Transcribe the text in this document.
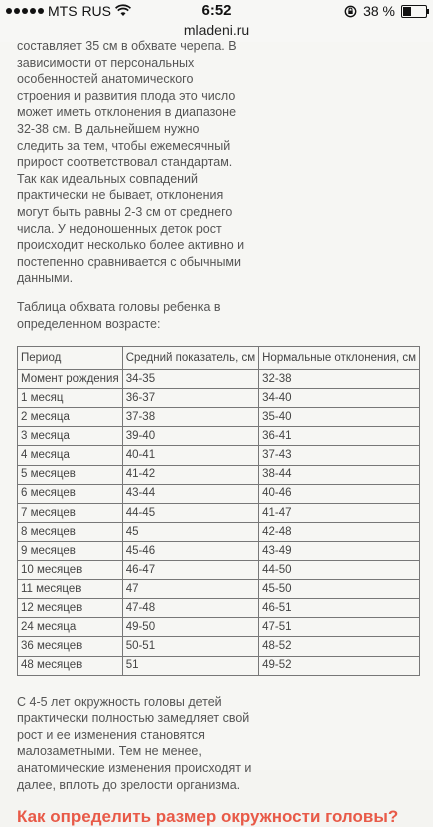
MTS RUS	6:52	38 %
mladeni.ru

составляет 35 см в обхвате черепа. В зависимости от персональных особенностей анатомического строения и развития плода это число может иметь отклонения в диапазоне 32-38 см. В дальнейшем нужно следить за тем, чтобы ежемесячный прирост соответствовал стандартам. Так как идеальных совпадений практически не бывает, отклонения могут быть равны 2-3 см от среднего числа. У недоношенных деток рост происходит несколько более активно и постепенно сравнивается с обычными данными.

Таблица обхвата головы ребенка в определенном возрасте:

Период	Средний показатель, см	Нормальные отклонения, см
Момент рождения	34-35	32-38
1 месяц	36-37	34-40
2 месяца	37-38	35-40
3 месяца	39-40	36-41
4 месяца	40-41	37-43
5 месяцев	41-42	38-44
6 месяцев	43-44	40-46
7 месяцев	44-45	41-47
8 месяцев	45	42-48
9 месяцев	45-46	43-49
10 месяцев	46-47	44-50
11 месяцев	47	45-50
12 месяцев	47-48	46-51
24 месяца	49-50	47-51
36 месяцев	50-51	48-52
48 месяцев	51	49-52

С 4-5 лет окружность головы детей практически полностью замедляет свой рост и ее изменения становятся малозаметными. Тем не менее, анатомические изменения происходят и далее, вплоть до зрелости организма.

Как определить размер окружности головы?
